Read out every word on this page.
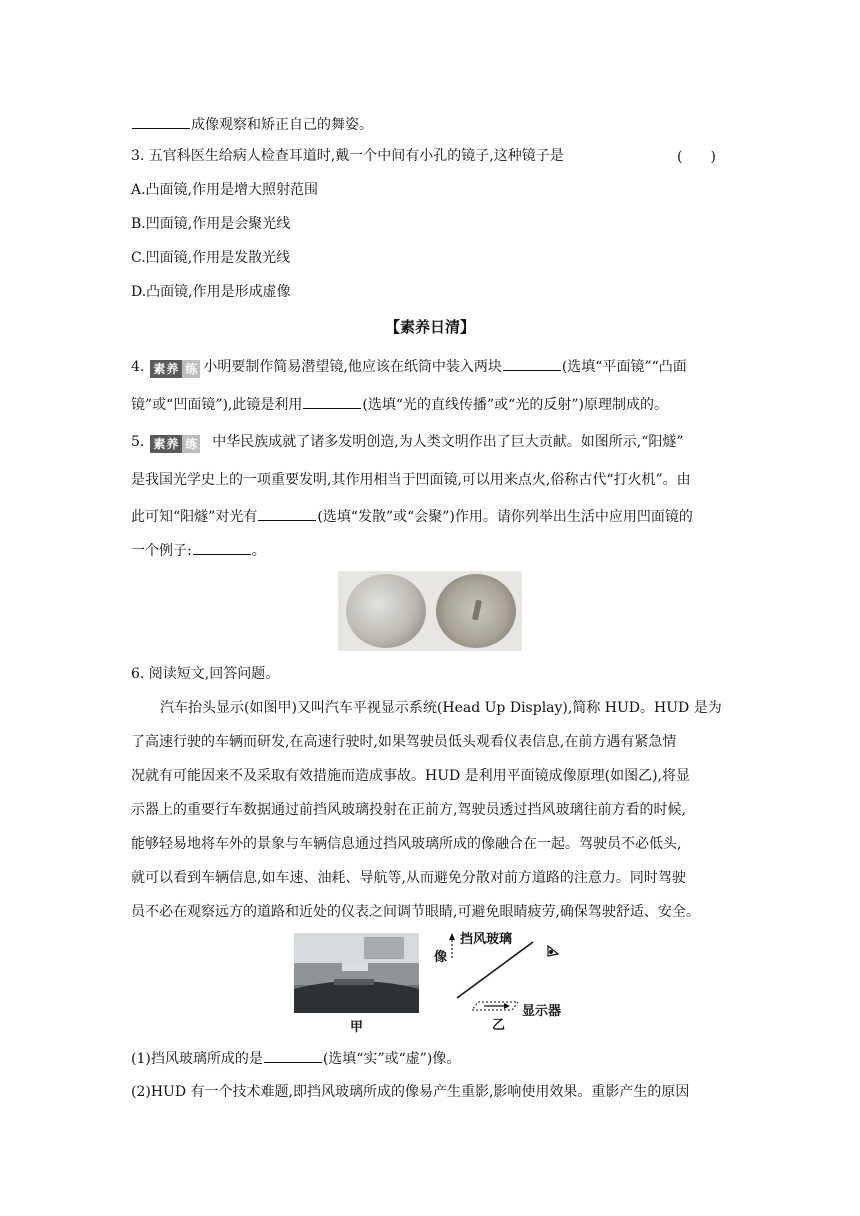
成像观察和矫正自己的舞姿。
3. 五官科医生给病人检查耳道时,戴一个中间有小孔的镜子,这种镜子是	(　　)
A.凸面镜,作用是增大照射范围
B.凹面镜,作用是会聚光线
C.凹面镜,作用是发散光线
D.凸面镜,作用是形成虚像
【素养日清】
4. 素养 练 小明要制作简易潜望镜,他应该在纸筒中装入两块	(选填“平面镜”“凸面
镜”或“凹面镜”),此镜是利用	(选填“光的直线传播”或“光的反射”)原理制成的。
5. 素养 练 中华民族成就了诸多发明创造,为人类文明作出了巨大贡献。如图所示,“阳燧”
是我国光学史上的一项重要发明,其作用相当于凹面镜,可以用来点火,俗称古代“打火机”。由
此可知“阳燧”对光有	(选填“发散”或“会聚”)作用。请你列举出生活中应用凹面镜的
一个例子:	。
6. 阅读短文,回答问题。
汽车抬头显示(如图甲)又叫汽车平视显示系统(Head Up Display),简称 HUD。HUD 是为
了高速行驶的车辆而研发,在高速行驶时,如果驾驶员低头观看仪表信息,在前方遇有紧急情
况就有可能因来不及采取有效措施而造成事故。HUD 是利用平面镜成像原理(如图乙),将显
示器上的重要行车数据通过前挡风玻璃投射在正前方,驾驶员透过挡风玻璃往前方看的时候,
能够轻易地将车外的景象与车辆信息通过挡风玻璃所成的像融合在一起。驾驶员不必低头,
就可以看到车辆信息,如车速、油耗、导航等,从而避免分散对前方道路的注意力。同时驾驶
员不必在观察远方的道路和近处的仪表之间调节眼睛,可避免眼睛疲劳,确保驾驶舒适、安全。
甲
挡风玻璃
像
显示器
乙
(1)挡风玻璃所成的是	(选填“实”或“虚”)像。
(2)HUD 有一个技术难题,即挡风玻璃所成的像易产生重影,影响使用效果。重影产生的原因
